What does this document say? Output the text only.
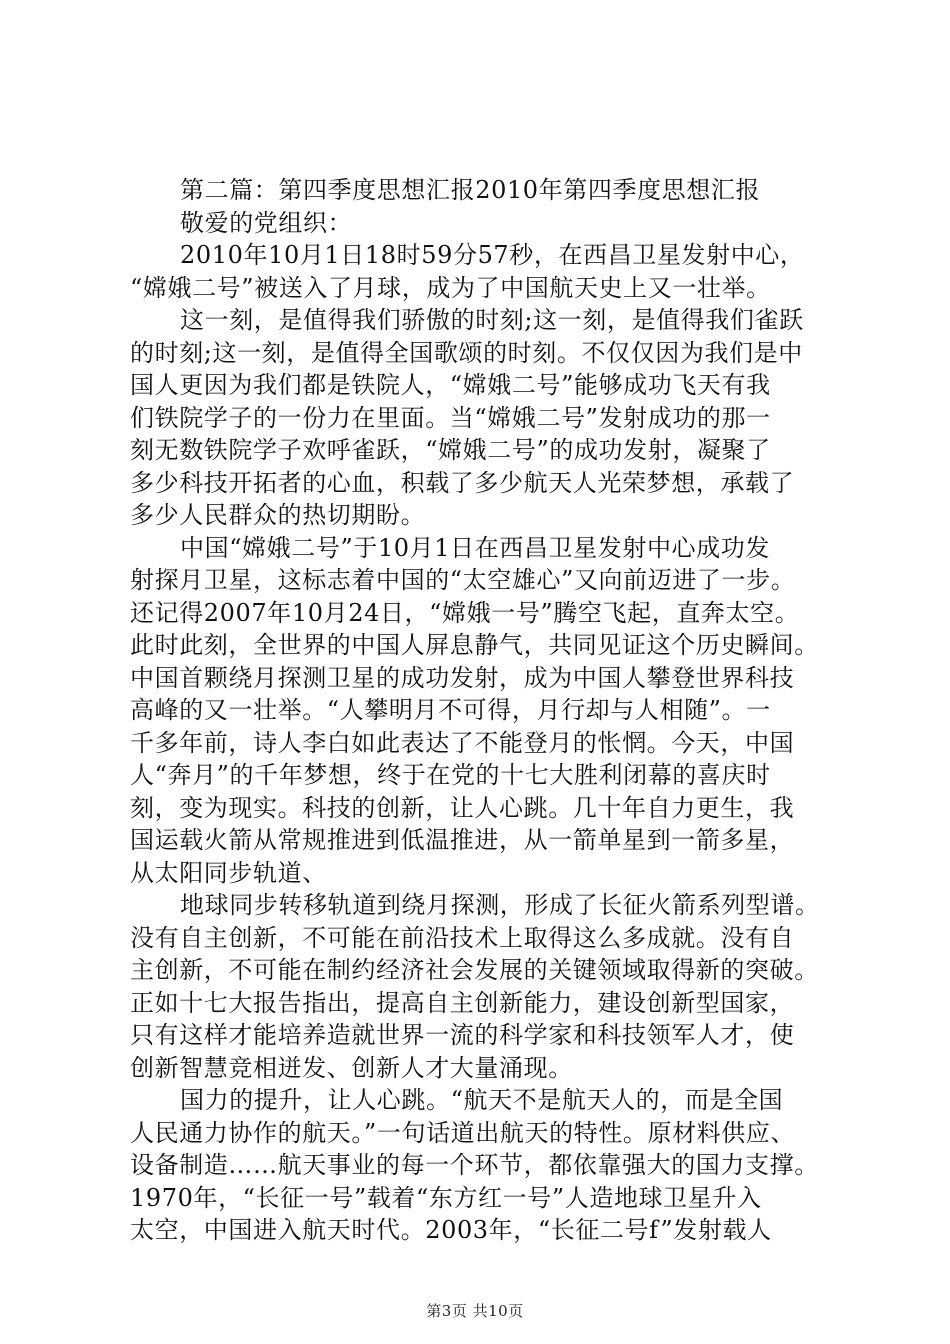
第二篇：第四季度思想汇报2010年第四季度思想汇报
敬爱的党组织：
2010年10月1日18时59分57秒，在西昌卫星发射中心，
“嫦娥二号”被送入了月球，成为了中国航天史上又一壮举。
这一刻，是值得我们骄傲的时刻;这一刻，是值得我们雀跃
的时刻;这一刻，是值得全国歌颂的时刻。不仅仅因为我们是中
国人更因为我们都是铁院人，“嫦娥二号”能够成功飞天有我
们铁院学子的一份力在里面。当“嫦娥二号”发射成功的那一
刻无数铁院学子欢呼雀跃，“嫦娥二号”的成功发射，凝聚了
多少科技开拓者的心血，积载了多少航天人光荣梦想，承载了
多少人民群众的热切期盼。
中国“嫦娥二号”于10月1日在西昌卫星发射中心成功发
射探月卫星，这标志着中国的“太空雄心”又向前迈进了一步。
还记得2007年10月24日，“嫦娥一号”腾空飞起，直奔太空。
此时此刻，全世界的中国人屏息静气，共同见证这个历史瞬间。
中国首颗绕月探测卫星的成功发射，成为中国人攀登世界科技
高峰的又一壮举。“人攀明月不可得，月行却与人相随”。一
千多年前，诗人李白如此表达了不能登月的怅惘。今天，中国
人“奔月”的千年梦想，终于在党的十七大胜利闭幕的喜庆时
刻，变为现实。科技的创新，让人心跳。几十年自力更生，我
国运载火箭从常规推进到低温推进，从一箭单星到一箭多星，
从太阳同步轨道、
地球同步转移轨道到绕月探测，形成了长征火箭系列型谱。
没有自主创新，不可能在前沿技术上取得这么多成就。没有自
主创新，不可能在制约经济社会发展的关键领域取得新的突破。
正如十七大报告指出，提高自主创新能力，建设创新型国家，
只有这样才能培养造就世界一流的科学家和科技领军人才，使
创新智慧竞相迸发、创新人才大量涌现。
国力的提升，让人心跳。“航天不是航天人的，而是全国
人民通力协作的航天。”一句话道出航天的特性。原材料供应、
设备制造……航天事业的每一个环节，都依靠强大的国力支撑。
1970年，“长征一号”载着“东方红一号”人造地球卫星升入
太空，中国进入航天时代。2003年，“长征二号f”发射载人
第3页 共10页
